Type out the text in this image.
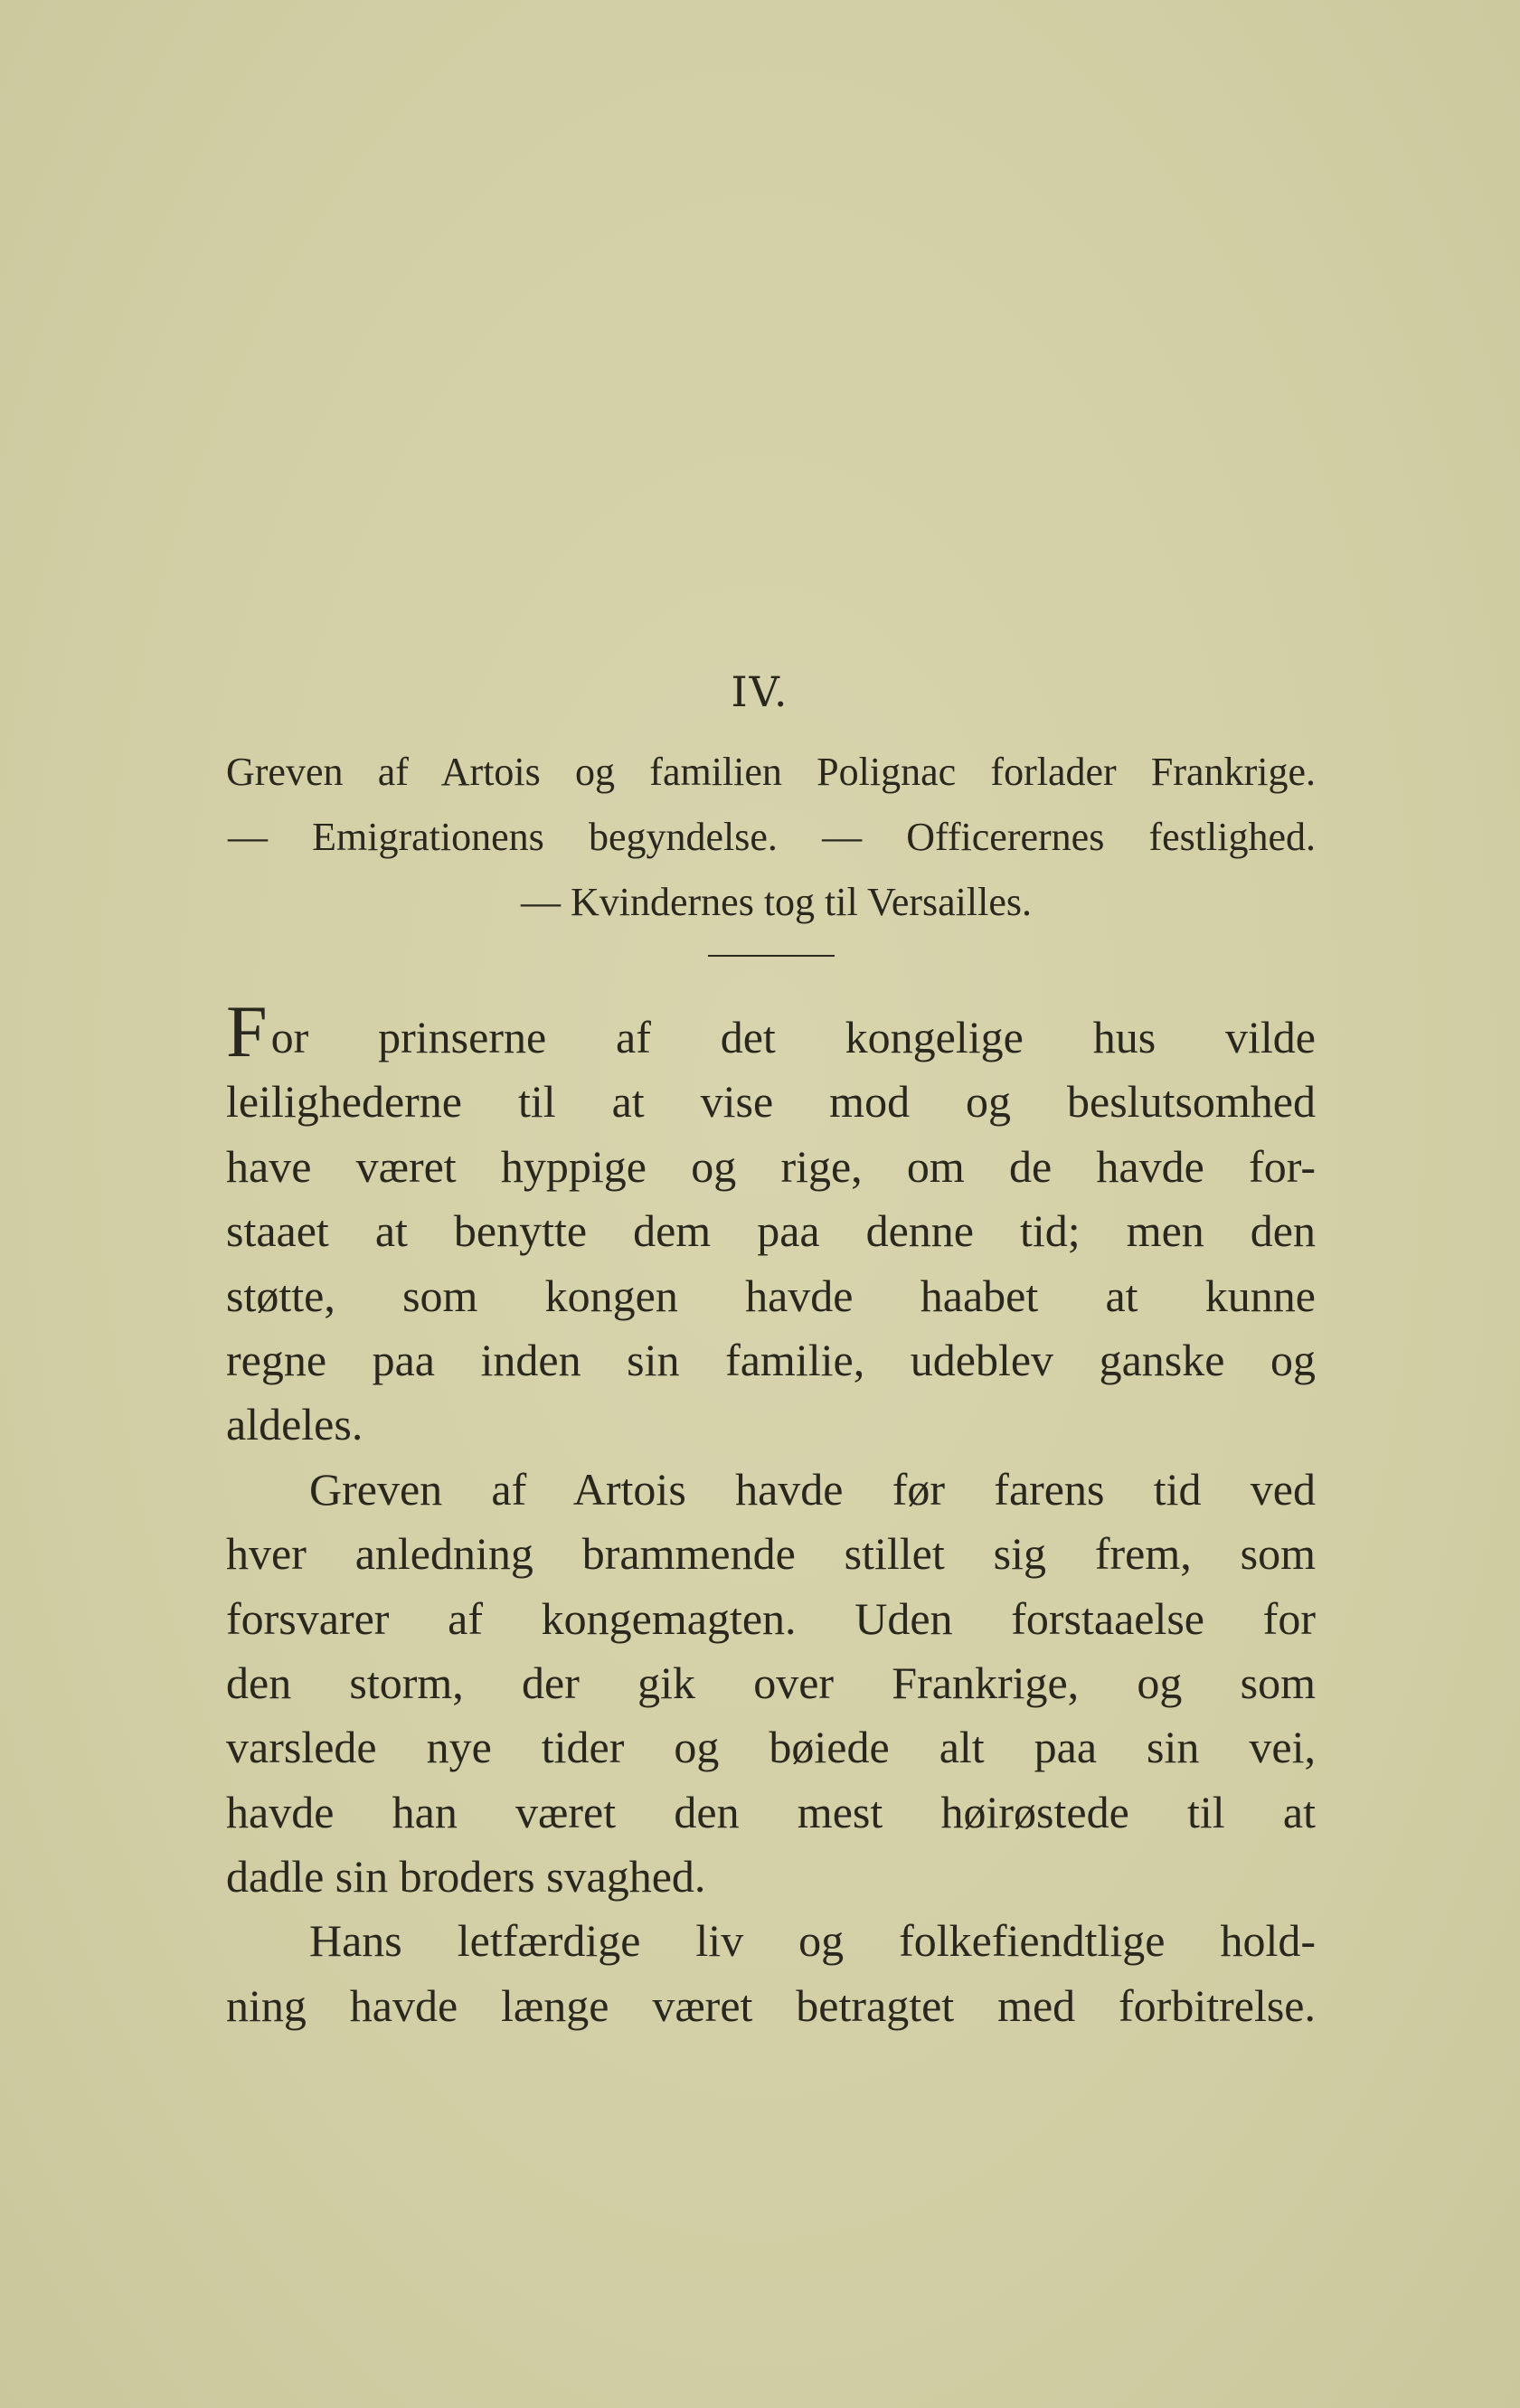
IV.
Greven af Artois og familien Polignac forlader Frankrige.
— Emigrationens begyndelse. — Officerernes festlighed.
— Kvindernes tog til Versailles.
For prinserne af det kongelige hus vilde
leilighederne til at vise mod og beslutsomhed
have været hyppige og rige, om de havde for-
staaet at benytte dem paa denne tid; men den
støtte, som kongen havde haabet at kunne
regne paa inden sin familie, udeblev ganske og
aldeles.
Greven af Artois havde før farens tid ved
hver anledning brammende stillet sig frem, som
forsvarer af kongemagten. Uden forstaaelse for
den storm, der gik over Frankrige, og som
varslede nye tider og bøiede alt paa sin vei,
havde han været den mest høirøstede til at
dadle sin broders svaghed.
Hans letfærdige liv og folkefiendtlige hold-
ning havde længe været betragtet med forbitrelse.
